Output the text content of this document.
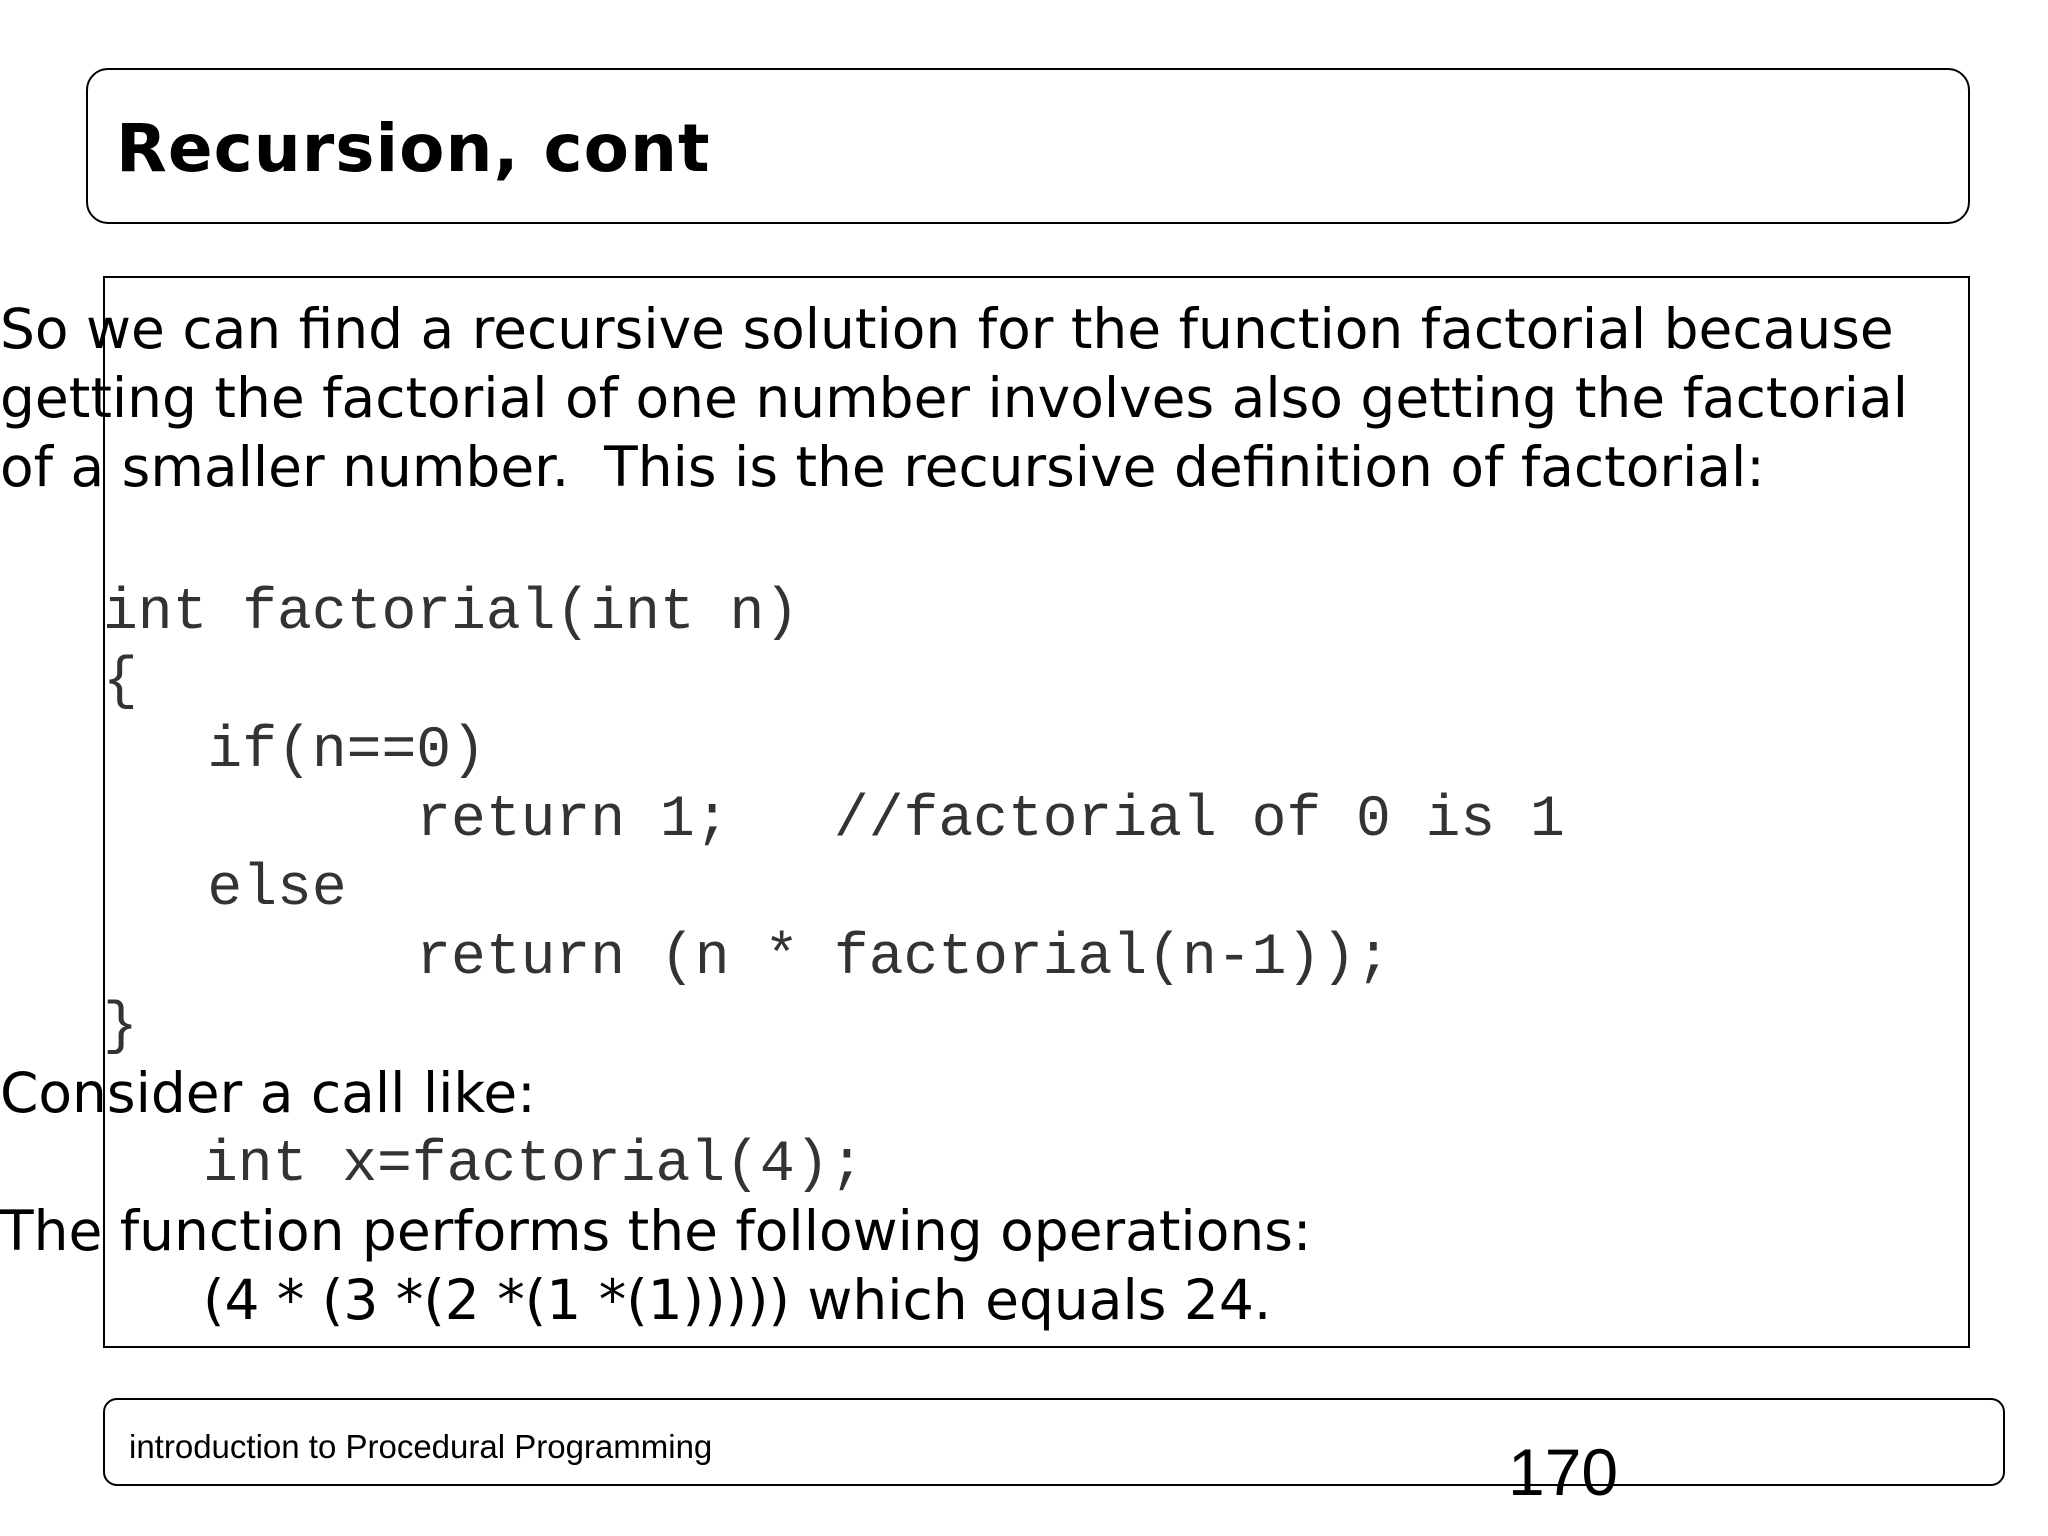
Recursion, cont
So we can find a recursive solution for the function factorial because
getting the factorial of one number involves also getting the factorial
of a smaller number.  This is the recursive definition of factorial:
int factorial(int n)
{
if(n==0)
return 1;   //factorial of 0 is 1
else
return (n * factorial(n-1));
}
Consider a call like:
int x=factorial(4);
The function performs the following operations:
(4 * (3 *(2 *(1 *(1))))) which equals 24.
introduction to Procedural Programming	170
